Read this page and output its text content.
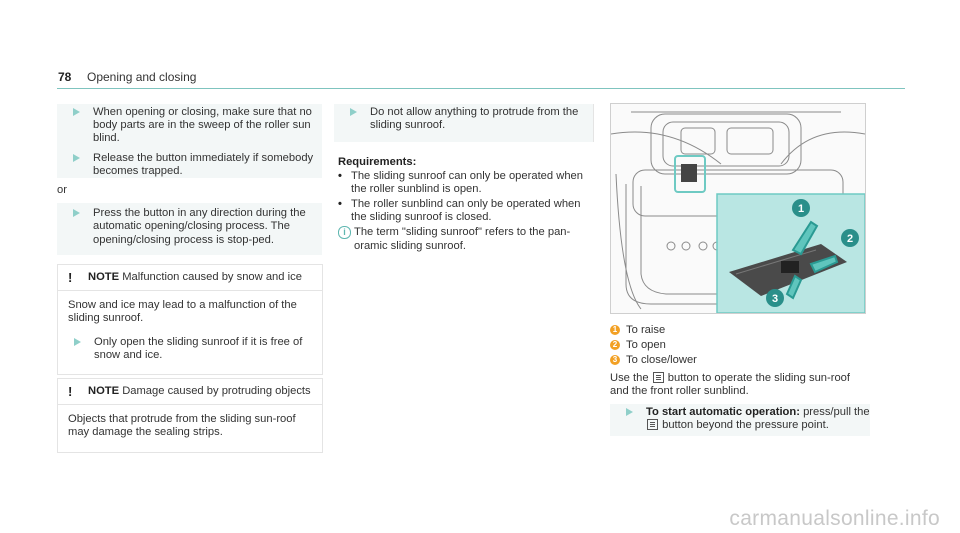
78 Opening and closing
When opening or closing, make sure that no body parts are in the sweep of the roller sun blind.
Release the button immediately if somebody becomes trapped.
or
Press the button in any direction during the automatic opening/closing process. The opening/closing process is stop-ped.
! NOTE Malfunction caused by snow and ice
Snow and ice may lead to a malfunction of the sliding sunroof.
Only open the sliding sunroof if it is free of snow and ice.
! NOTE Damage caused by protruding objects
Objects that protrude from the sliding sun-roof may damage the sealing strips.
Do not allow anything to protrude from the sliding sunroof.
Requirements:
• The sliding sunroof can only be operated when the roller sunblind is open.
• The roller sunblind can only be operated when the sliding sunroof is closed.
i The term "sliding sunroof" refers to the pan-oramic sliding sunroof.
1
2
3
1 To raise
2 To open
3 To close/lower
Use the button to operate the sliding sun-roof and the front roller sunblind.
To start automatic operation: press/pull the  button beyond the pressure point.
carmanualsonline.info
